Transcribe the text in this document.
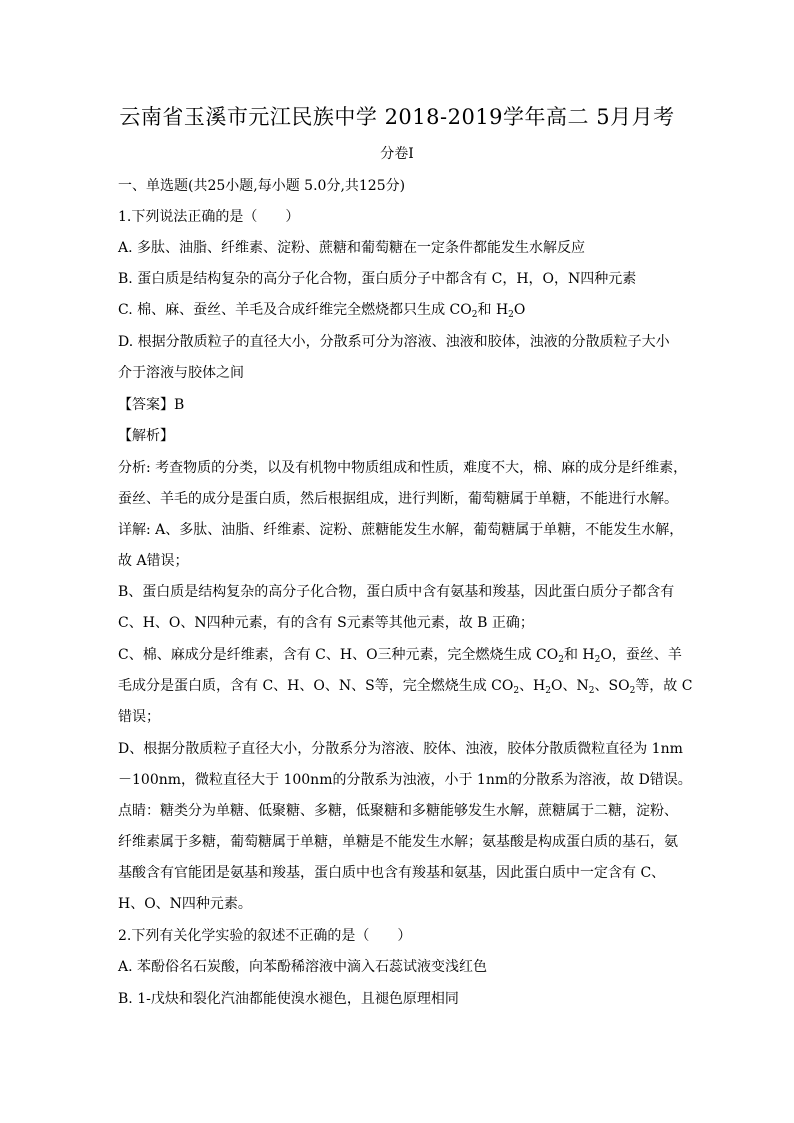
云南省玉溪市元江民族中学 2018-2019学年高二 5月月考
分卷I
一、单选题(共25小题,每小题 5.0分,共125分)
1.下列说法正确的是（　　）
A. 多肽、油脂、纤维素、淀粉、蔗糖和葡萄糖在一定条件都能发生水解反应
B. 蛋白质是结构复杂的高分子化合物，蛋白质分子中都含有 C，H，O，N四种元素
C. 棉、麻、蚕丝、羊毛及合成纤维完全燃烧都只生成 $CO_2$和 $H_2O$
D. 根据分散质粒子的直径大小，分散系可分为溶液、浊液和胶体，浊液的分散质粒子大小
介于溶液与胶体之间
【答案】B
【解析】
分析: 考查物质的分类，以及有机物中物质组成和性质，难度不大，棉、麻的成分是纤维素，
蚕丝、羊毛的成分是蛋白质，然后根据组成，进行判断，葡萄糖属于单糖，不能进行水解。
详解: A、多肽、油脂、纤维素、淀粉、蔗糖能发生水解，葡萄糖属于单糖，不能发生水解，
故 A错误；
B、蛋白质是结构复杂的高分子化合物，蛋白质中含有氨基和羧基，因此蛋白质分子都含有
C、H、O、N四种元素，有的含有 S元素等其他元素，故 B 正确；
C、棉、麻成分是纤维素，含有 C、H、O三种元素，完全燃烧生成 $CO_2$和 $H_2O$，蚕丝、羊
毛成分是蛋白质，含有 C、H、O、N、S等，完全燃烧生成 $CO_2$、$H_2O$、$N_2$、$SO_2$等，故 C
错误；
D、根据分散质粒子直径大小，分散系分为溶液、胶体、浊液，胶体分散质微粒直径为 1nm
－100nm，微粒直径大于 100nm的分散系为浊液，小于 1nm的分散系为溶液，故 D错误。
点睛：糖类分为单糖、低聚糖、多糖，低聚糖和多糖能够发生水解，蔗糖属于二糖，淀粉、
纤维素属于多糖，葡萄糖属于单糖，单糖是不能发生水解；氨基酸是构成蛋白质的基石，氨
基酸含有官能团是氨基和羧基，蛋白质中也含有羧基和氨基，因此蛋白质中一定含有 C、
H、O、N四种元素。
2.下列有关化学实验的叙述不正确的是（　　）
A. 苯酚俗名石炭酸，向苯酚稀溶液中滴入石蕊试液变浅红色
B. 1-戊炔和裂化汽油都能使溴水褪色，且褪色原理相同
